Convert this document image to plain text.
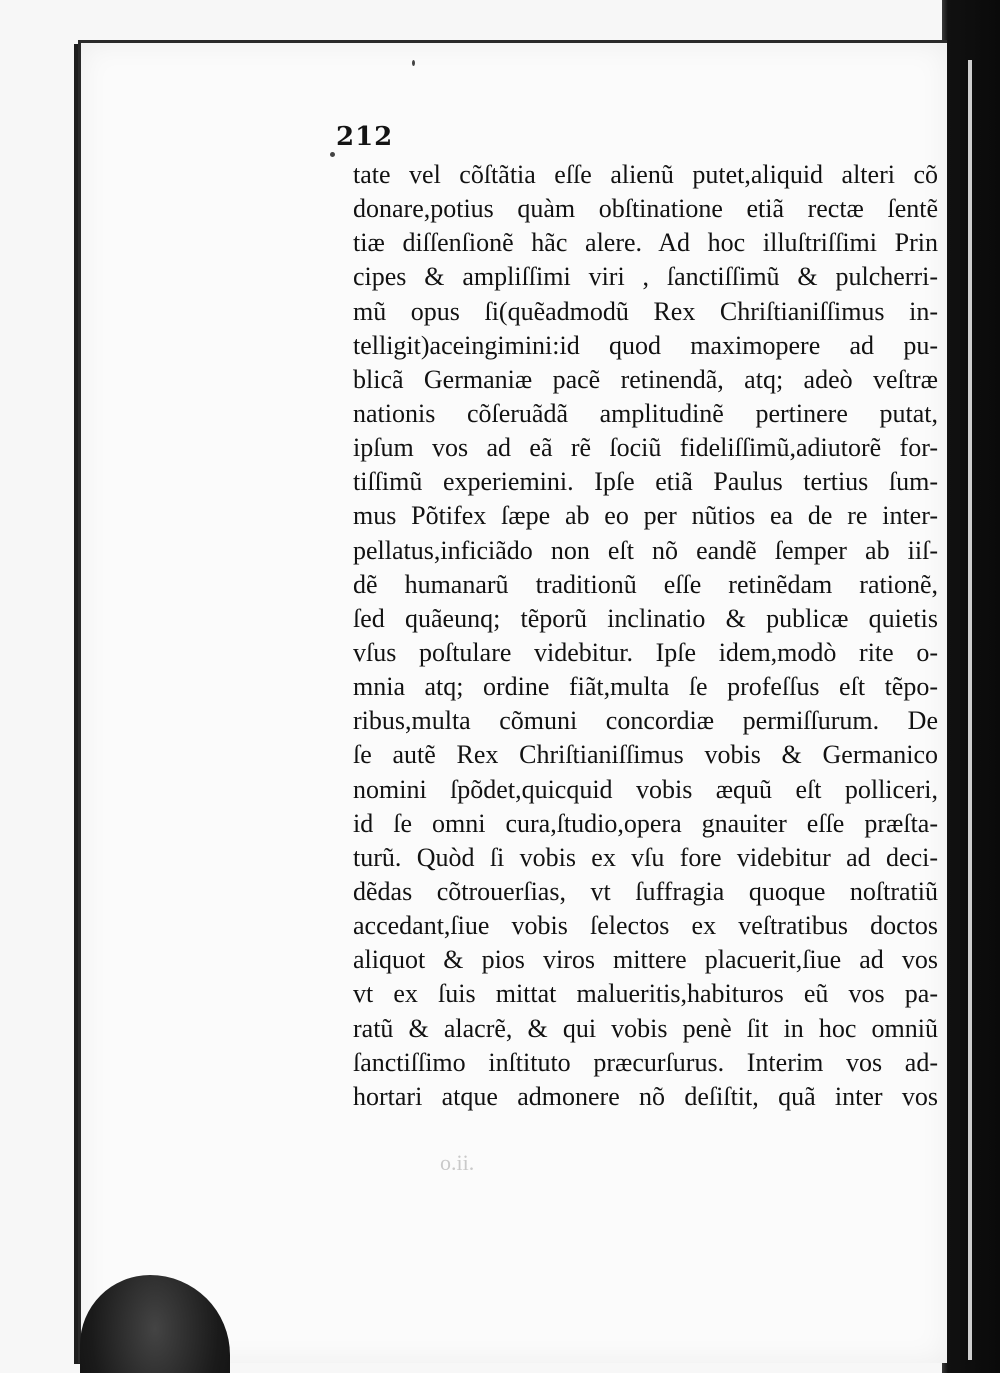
212
tate vel cõſtãtia eſſe alienũ putet,aliquid alteri cõ
donare,potius quàm obſtinatione etiã rectæ ſentẽ
tiæ diſſenſionẽ hãc alere. Ad hoc illuſtriſſimi Prin
cipes & ampliſſimi viri , ſanctiſſimũ & pulcherri-
mũ opus ſi(quẽadmodũ Rex Chriſtianiſſimus in-
telligit)aceingimini:id quod maximopere ad pu-
blicã Germaniæ pacẽ retinendã, atq; adeò veſtræ
nationis cõſeruãdã amplitudinẽ pertinere putat,
ipſum vos ad eã rẽ ſociũ fideliſſimũ,adiutorẽ for-
tiſſimũ experiemini. Ipſe etiã Paulus tertius ſum-
mus Põtifex ſæpe ab eo per nũtios ea de re inter-
pellatus,inficiãdo non eſt nõ eandẽ ſemper ab iiſ-
dẽ humanarũ traditionũ eſſe retinẽdam rationẽ,
ſed quãeunq; tẽporũ inclinatio & publicæ quietis
vſus poſtulare videbitur. Ipſe idem,modò rite o-
mnia atq; ordine fiãt,multa ſe profeſſus eſt tẽpo-
ribus,multa cõmuni concordiæ permiſſurum. De
ſe autẽ Rex Chriſtianiſſimus vobis & Germanico
nomini ſpõdet,quicquid vobis æquũ eſt polliceri,
id ſe omni cura,ſtudio,opera gnauiter eſſe præſta-
turũ. Quòd ſi vobis ex vſu fore videbitur ad deci-
dẽdas cõtrouerſias, vt ſuffragia quoque noſtratiũ
accedant,ſiue vobis ſelectos ex veſtratibus doctos
aliquot & pios viros mittere placuerit,ſiue ad vos
vt ex ſuis mittat malueritis,habituros eũ vos pa-
ratũ & alacrẽ, & qui vobis penè ſit in hoc omniũ
ſanctiſſimo inſtituto præcurſurus. Interim vos ad-
hortari atque admonere nõ deſiſtit, quã inter vos
o.ii.
